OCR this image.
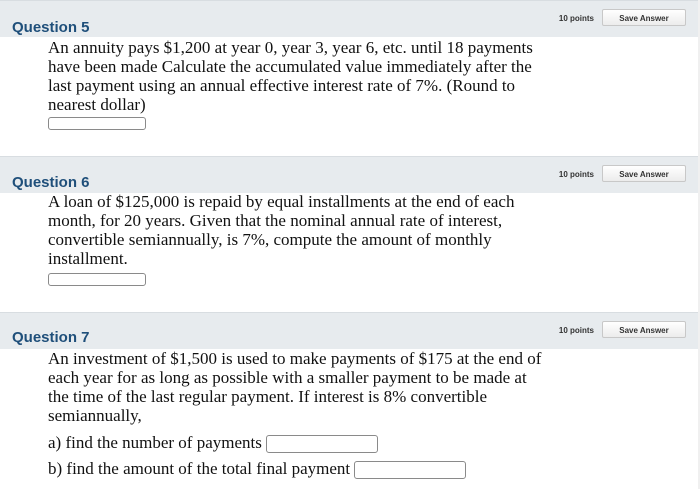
10 points	Save Answer
Question 5

An annuity pays $1,200 at year 0, year 3, year 6, etc. until 18 payments have been made Calculate the accumulated value immediately after the last payment using an annual effective interest rate of 7%. (Round to nearest dollar)

10 points	Save Answer
Question 6

A loan of $125,000 is repaid by equal installments at the end of each month, for 20 years. Given that the nominal annual rate of interest, convertible semiannually, is 7%, compute the amount of monthly installment.

10 points	Save Answer
Question 7

An investment of $1,500 is used to make payments of $175 at the end of each year for as long as possible with a smaller payment to be made at the time of the last regular payment. If interest is 8% convertible semiannually,

a) find the number of payments
b) find the amount of the total final payment
